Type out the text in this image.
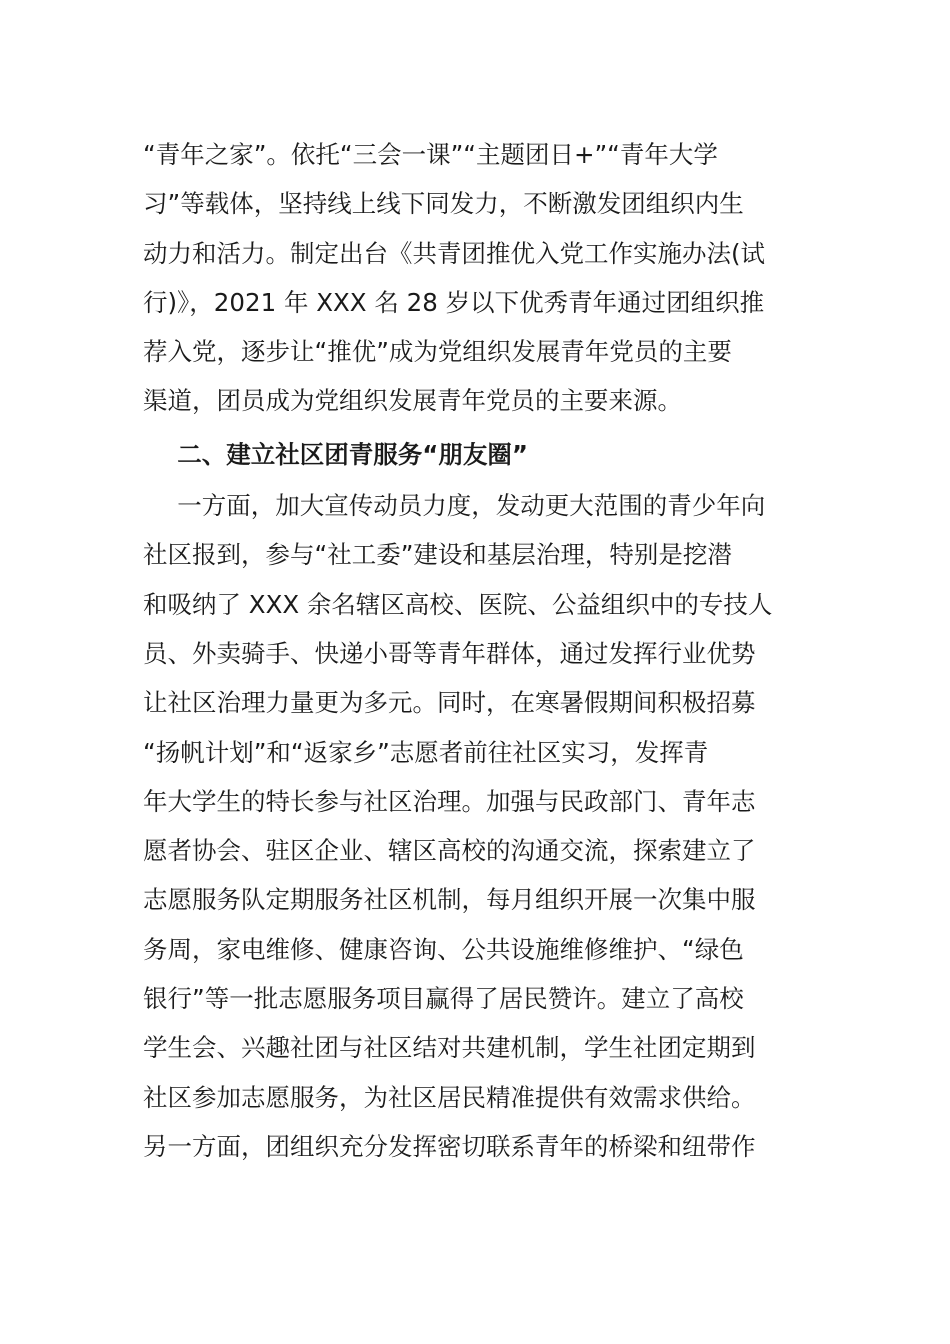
“青年之家”。依托“三会一课”“主题团日+”“青年大学
习”等载体，坚持线上线下同发力，不断激发团组织内生
动力和活力。制定出台《共青团推优入党工作实施办法(试
行)》，2021 年 XXX 名 28 岁以下优秀青年通过团组织推
荐入党，逐步让“推优”成为党组织发展青年党员的主要
渠道，团员成为党组织发展青年党员的主要来源。

二、建立社区团青服务“朋友圈”

一方面，加大宣传动员力度，发动更大范围的青少年向
社区报到，参与“社工委”建设和基层治理，特别是挖潜
和吸纳了 XXX 余名辖区高校、医院、公益组织中的专技人
员、外卖骑手、快递小哥等青年群体，通过发挥行业优势
让社区治理力量更为多元。同时，在寒暑假期间积极招募
“扬帆计划”和“返家乡”志愿者前往社区实习，发挥青
年大学生的特长参与社区治理。加强与民政部门、青年志
愿者协会、驻区企业、辖区高校的沟通交流，探索建立了
志愿服务队定期服务社区机制，每月组织开展一次集中服
务周，家电维修、健康咨询、公共设施维修维护、“绿色
银行”等一批志愿服务项目赢得了居民赞许。建立了高校
学生会、兴趣社团与社区结对共建机制，学生社团定期到
社区参加志愿服务，为社区居民精准提供有效需求供给。
另一方面，团组织充分发挥密切联系青年的桥梁和纽带作
